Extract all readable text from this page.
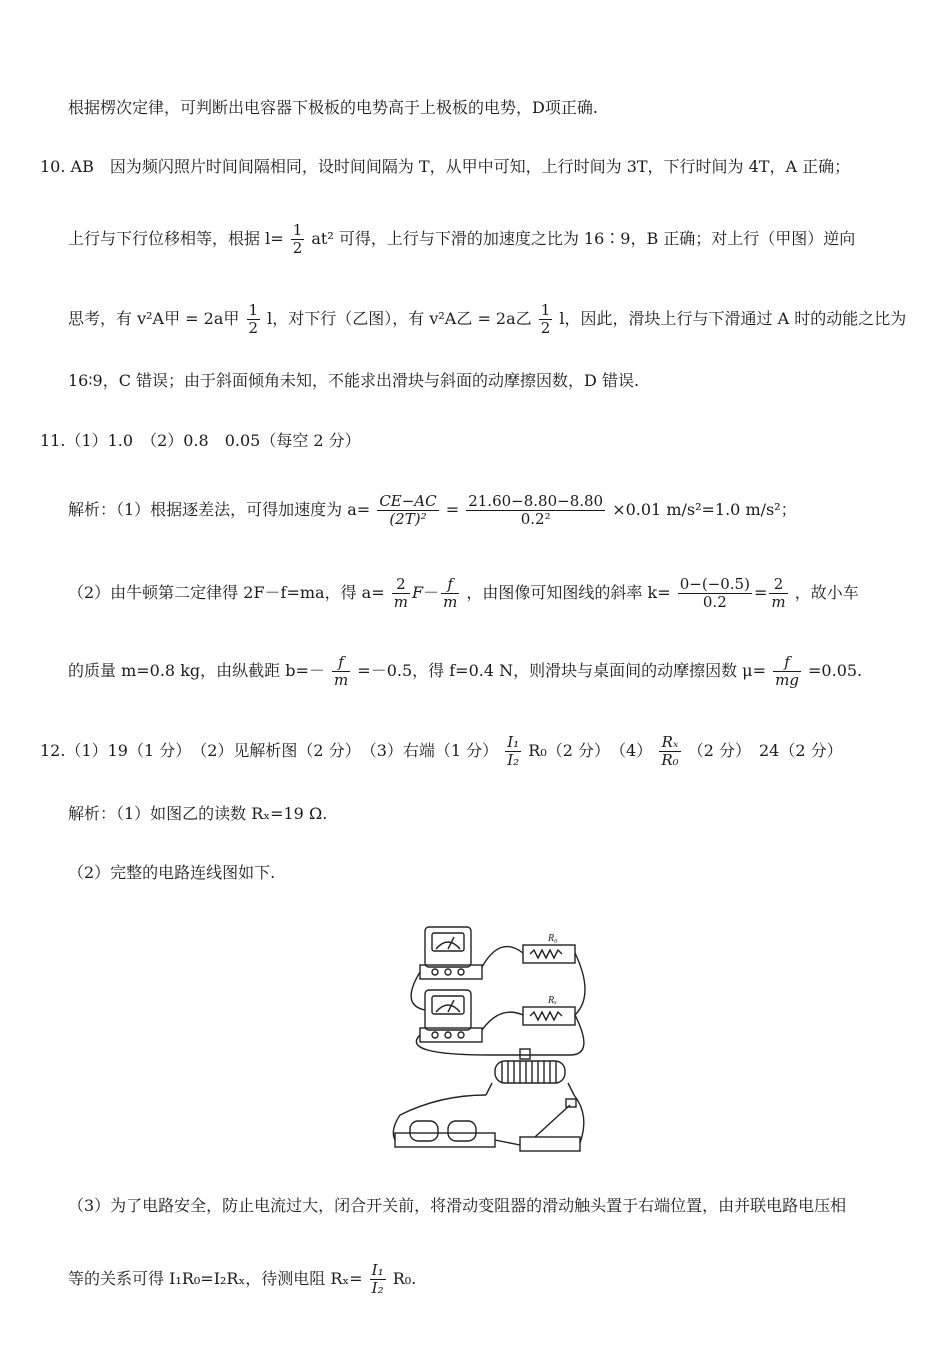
根据楞次定律，可判断出电容器下极板的电势高于上极板的电势，D项正确.
10. AB　因为频闪照片时间间隔相同，设时间间隔为 T，从甲中可知，上行时间为 3T，下行时间为 4T，A 正确；
上行与下行位移相等，根据 $l= \frac{1}{2} at^2$ 可得，上行与下滑的加速度之比为 16∶9，B 正确；对上行（甲图）逆向
思考，有 v²A甲 = 2a甲 $\frac{1}{2}$ l，对下行（乙图），有 v²A乙 = 2a乙 $\frac{1}{2}$ l，因此，滑块上行与下滑通过 A 时的动能之比为
16∶9，C 错误；由于斜面倾角未知，不能求出滑块与斜面的动摩擦因数，D 错误.
11.（1）1.0　（2）0.8　0.05（每空 2 分）
解析：（1）根据逐差法，可得加速度为 $a= \frac{CE-AC}{\text{(2T)²}} = \frac{21.60-8.80-8.80}{\text{0.2²}} \times 0.01$ m/s²=1.0 m/s²；
（2）由牛顿第二定律得 2F－f=ma，得 $a= \frac{2}{m} F- \frac{f}{m}$ ，由图像可知图线的斜率 $k= \frac{0-(-0.5)}{0.2} = \frac{2}{m}$ ，故小车
的质量 m=0.8 kg，由纵截距 $b=- \frac{f}{m} =-0.5$，得 f=0.4 N，则滑块与桌面间的动摩擦因数 $\mu= \frac{f}{mg} =0.05$.
12.（1）19（1 分）　（2）见解析图（2 分）　（3）右端（1 分） $\frac{\text{I₁}}{\text{I₂}} R_0(2$ 分）　$(4) \frac{\text{Rₓ}}{\text{R₀}} (2$ 分）　24（2 分）
解析：（1）如图乙的读数 Rₓ=19 Ω.
（2）完整的电路连线图如下.
R₀
Rₓ
（3）为了电路安全，防止电流过大，闭合开关前，将滑动变阻器的滑动触头置于右端位置，由并联电路电压相
等的关系可得 I₁R₀=I₂Rₓ，待测电阻 $R_x= \frac{\text{I₁}}{\text{I₂}} R_0$.
